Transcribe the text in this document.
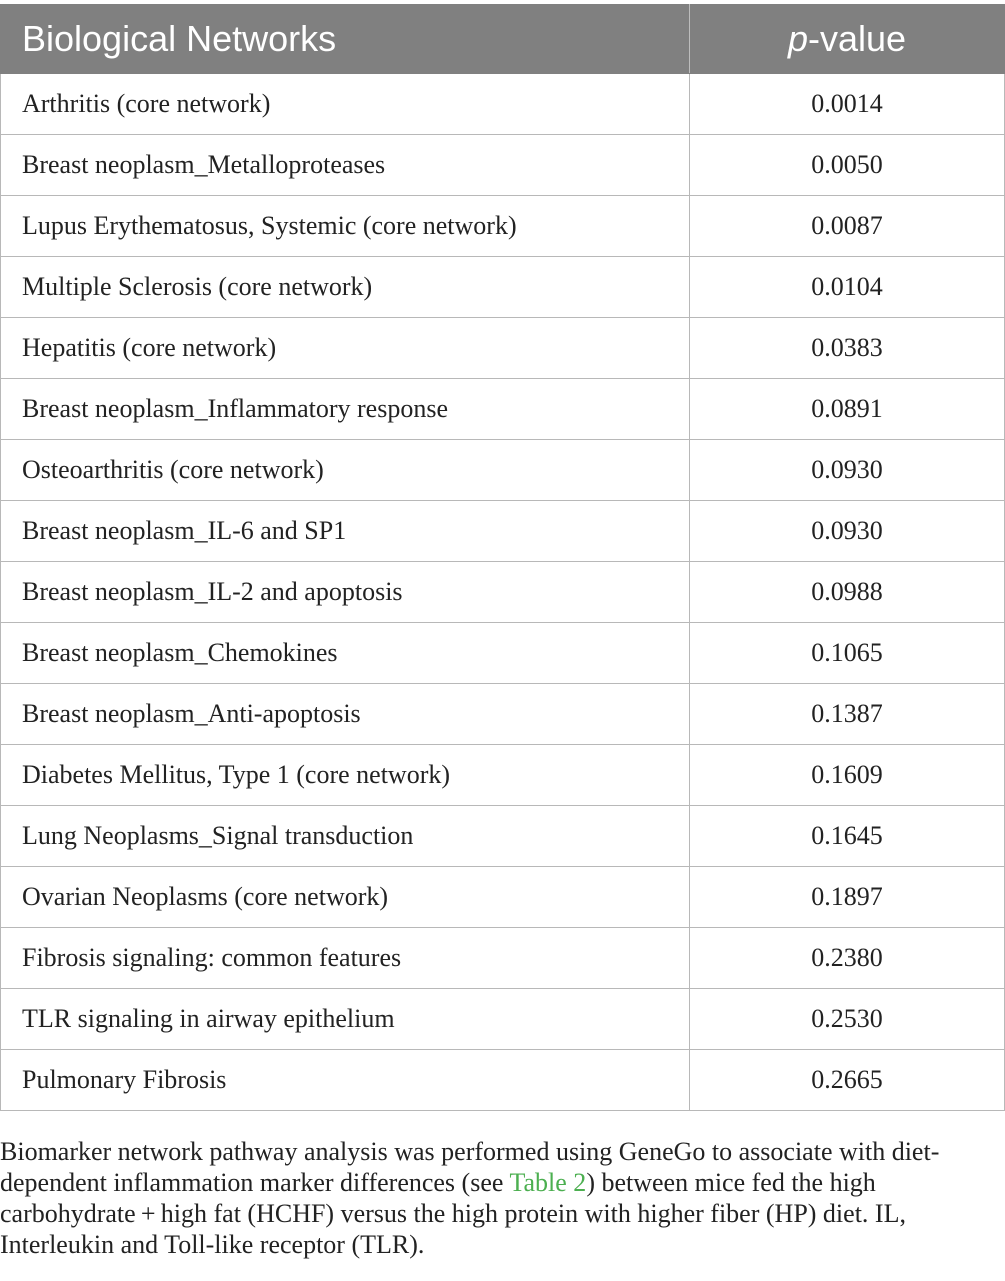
Biological Networks	p-value
Arthritis (core network)	0.0014
Breast neoplasm_Metalloproteases	0.0050
Lupus Erythematosus, Systemic (core network)	0.0087
Multiple Sclerosis (core network)	0.0104
Hepatitis (core network)	0.0383
Breast neoplasm_Inflammatory response	0.0891
Osteoarthritis (core network)	0.0930
Breast neoplasm_IL-6 and SP1	0.0930
Breast neoplasm_IL-2 and apoptosis	0.0988
Breast neoplasm_Chemokines	0.1065
Breast neoplasm_Anti-apoptosis	0.1387
Diabetes Mellitus, Type 1 (core network)	0.1609
Lung Neoplasms_Signal transduction	0.1645
Ovarian Neoplasms (core network)	0.1897
Fibrosis signaling: common features	0.2380
TLR signaling in airway epithelium	0.2530
Pulmonary Fibrosis	0.2665

Biomarker network pathway analysis was performed using GeneGo to associate with diet-dependent inflammation marker differences (see Table 2) between mice fed the high carbohydrate + high fat (HCHF) versus the high protein with higher fiber (HP) diet. IL, Interleukin and Toll-like receptor (TLR).
